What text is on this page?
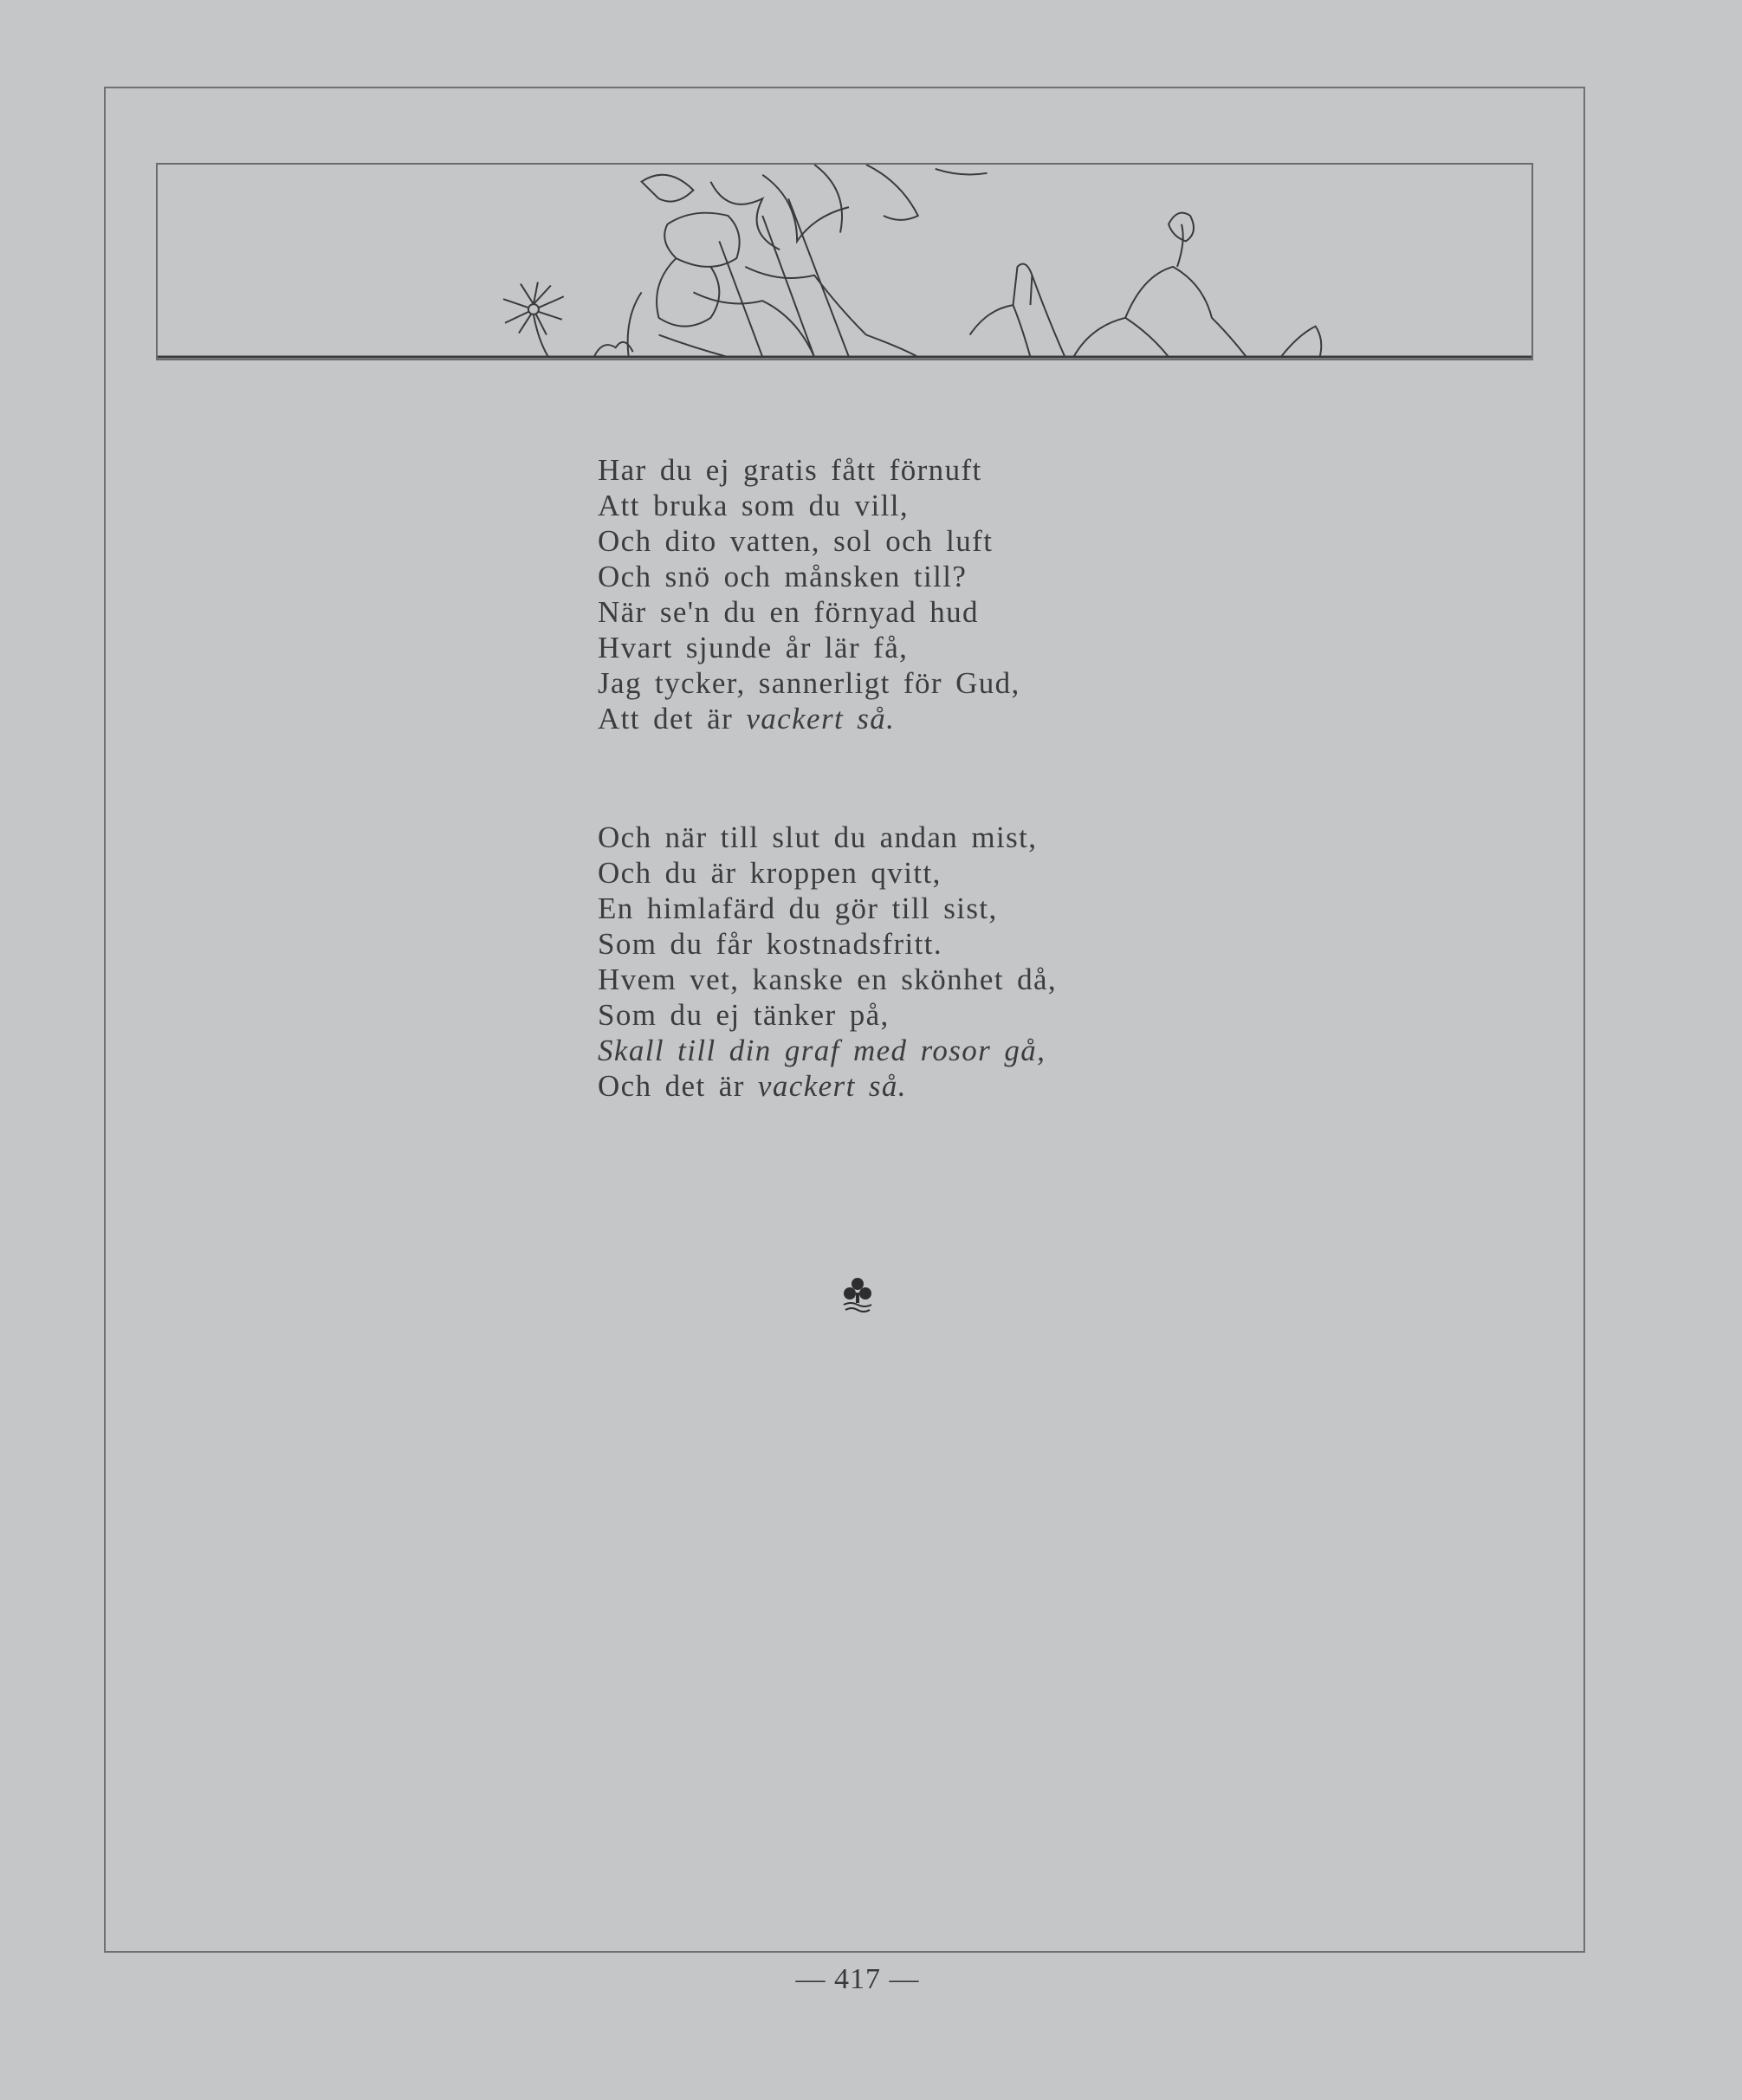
Har du ej gratis fått förnuft
Att bruka som du vill,
Och dito vatten, sol och luft
Och snö och månsken till?
När se'n du en förnyad hud
Hvart sjunde år lär få,
Jag tycker, sannerligt för Gud,
Att det är vackert så.
Och när till slut du andan mist,
Och du är kroppen qvitt,
En himlafärd du gör till sist,
Som du får kostnadsfritt.
Hvem vet, kanske en skönhet då,
Som du ej tänker på,
Skall till din graf med rosor gå,
Och det är vackert så.
— 417 —
